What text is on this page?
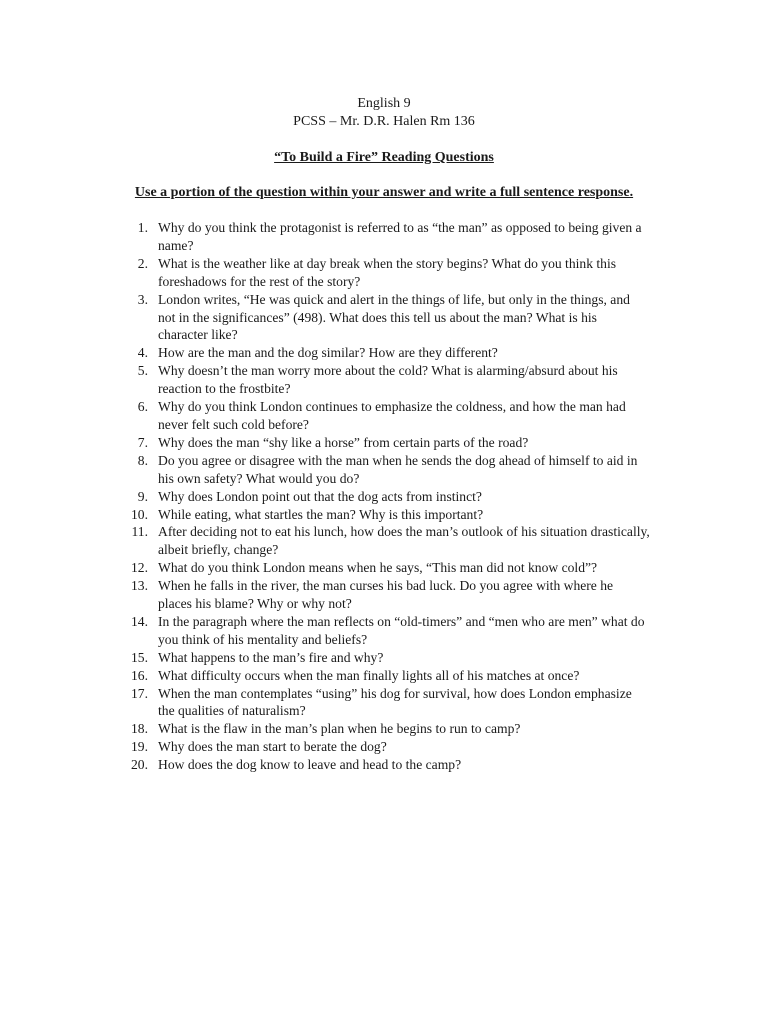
English 9
PCSS – Mr. D.R. Halen Rm 136
“To Build a Fire” Reading Questions
Use a portion of the question within your answer and write a full sentence response.
1. Why do you think the protagonist is referred to as “the man” as opposed to being given a name?
2. What is the weather like at day break when the story begins? What do you think this foreshadows for the rest of the story?
3. London writes, “He was quick and alert in the things of life, but only in the things, and not in the significances” (498). What does this tell us about the man? What is his character like?
4. How are the man and the dog similar? How are they different?
5. Why doesn’t the man worry more about the cold? What is alarming/absurd about his reaction to the frostbite?
6. Why do you think London continues to emphasize the coldness, and how the man had never felt such cold before?
7. Why does the man “shy like a horse” from certain parts of the road?
8. Do you agree or disagree with the man when he sends the dog ahead of himself to aid in his own safety? What would you do?
9. Why does London point out that the dog acts from instinct?
10. While eating, what startles the man? Why is this important?
11. After deciding not to eat his lunch, how does the man’s outlook of his situation drastically, albeit briefly, change?
12. What do you think London means when he says, “This man did not know cold”?
13. When he falls in the river, the man curses his bad luck. Do you agree with where he places his blame? Why or why not?
14. In the paragraph where the man reflects on “old-timers” and “men who are men” what do you think of his mentality and beliefs?
15. What happens to the man’s fire and why?
16. What difficulty occurs when the man finally lights all of his matches at once?
17. When the man contemplates “using” his dog for survival, how does London emphasize the qualities of naturalism?
18. What is the flaw in the man’s plan when he begins to run to camp?
19. Why does the man start to berate the dog?
20. How does the dog know to leave and head to the camp?
